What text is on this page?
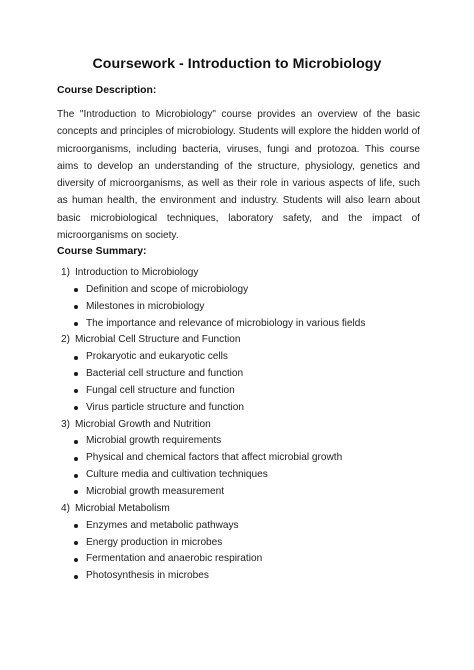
Coursework - Introduction to Microbiology
Course Description:
The "Introduction to Microbiology" course provides an overview of the basic concepts and principles of microbiology. Students will explore the hidden world of microorganisms, including bacteria, viruses, fungi and protozoa. This course aims to develop an understanding of the structure, physiology, genetics and diversity of microorganisms, as well as their role in various aspects of life, such as human health, the environment and industry. Students will also learn about basic microbiological techniques, laboratory safety, and the impact of microorganisms on society.
Course Summary:
1) Introduction to Microbiology
Definition and scope of microbiology
Milestones in microbiology
The importance and relevance of microbiology in various fields
2) Microbial Cell Structure and Function
Prokaryotic and eukaryotic cells
Bacterial cell structure and function
Fungal cell structure and function
Virus particle structure and function
3) Microbial Growth and Nutrition
Microbial growth requirements
Physical and chemical factors that affect microbial growth
Culture media and cultivation techniques
Microbial growth measurement
4) Microbial Metabolism
Enzymes and metabolic pathways
Energy production in microbes
Fermentation and anaerobic respiration
Photosynthesis in microbes
